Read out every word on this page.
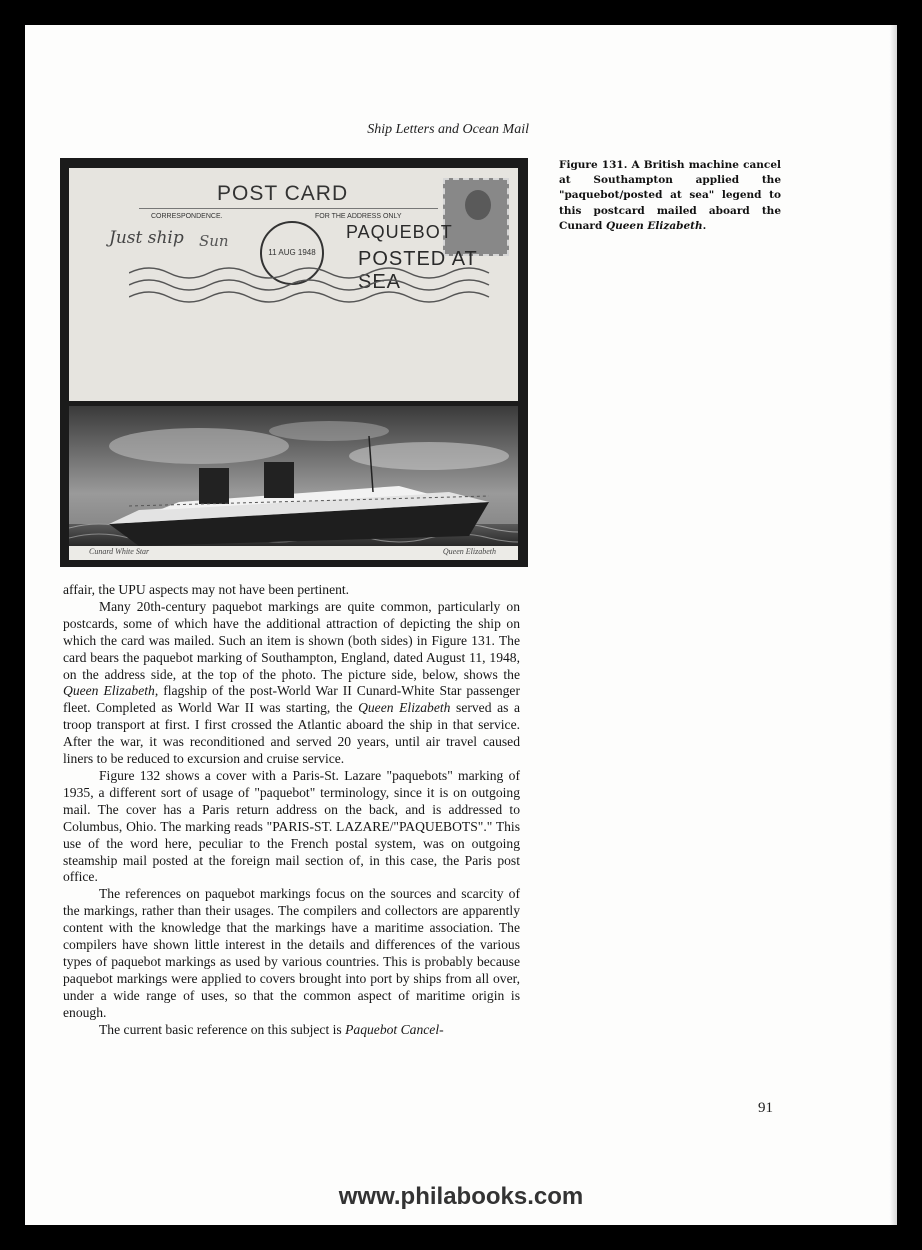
Ship Letters and Ocean Mail
POST CARD
CORRESPONDENCE.	FOR THE ADDRESS ONLY
11 AUG 1948
PAQUEBOT
POSTED AT SEA
Just ship Sun
Cunard White Star	Queen Elizabeth
Figure 131. A British machine cancel at Southampton applied the "paquebot/posted at sea" legend to this postcard mailed aboard the Cunard Queen Elizabeth.

affair, the UPU aspects may not have been pertinent.

Many 20th-century paquebot markings are quite common, particularly on postcards, some of which have the additional attraction of depicting the ship on which the card was mailed. Such an item is shown (both sides) in Figure 131. The card bears the paquebot marking of Southampton, England, dated August 11, 1948, on the address side, at the top of the photo. The picture side, below, shows the Queen Elizabeth, flagship of the post-World War II Cunard-White Star passenger fleet. Completed as World War II was starting, the Queen Elizabeth served as a troop transport at first. I first crossed the Atlantic aboard the ship in that service. After the war, it was reconditioned and served 20 years, until air travel caused liners to be reduced to excursion and cruise service.

Figure 132 shows a cover with a Paris-St. Lazare "paquebots" marking of 1935, a different sort of usage of "paquebot" terminology, since it is on outgoing mail. The cover has a Paris return address on the back, and is addressed to Columbus, Ohio. The marking reads "PARIS-ST. LAZARE/"PAQUEBOTS"." This use of the word here, peculiar to the French postal system, was on outgoing steamship mail posted at the foreign mail section of, in this case, the Paris post office.

The references on paquebot markings focus on the sources and scarcity of the markings, rather than their usages. The compilers and collectors are apparently content with the knowledge that the markings have a maritime association. The compilers have shown little interest in the details and differences of the various types of paquebot markings as used by various countries. This is probably because paquebot markings were applied to covers brought into port by ships from all over, under a wide range of uses, so that the common aspect of maritime origin is enough.

The current basic reference on this subject is Paquebot Cancel-

91
www.philabooks.com
